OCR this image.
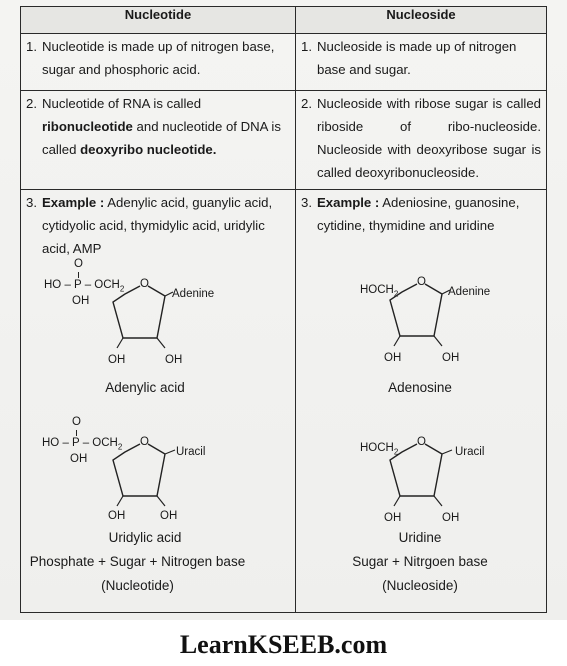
Nucleotide	Nucleoside

1. Nucleotide is made up of nitrogen base, sugar and phosphoric acid.	1. Nucleoside is made up of nitrogen base and sugar.

2. Nucleotide of RNA is called ribonucleotide and nucleotide of DNA is called deoxyribo nucleotide.	2. Nucleoside with ribose sugar is called riboside of ribo-nucleoside. Nucleoside with deoxyribose sugar is called deoxyribonucleoside.

3. Example : Adenylic acid, guanylic acid, cytidyolic acid, thymidylic acid, uridylic acid, AMP	3. Example : Adeniosine, guanosine, cytidine, thymidine and uridine
O
HO – P – $OCH_2$
OH
O
Adenine
OH	OH
Adenylic acid
$HOCH_2$
O
Adenine
OH	OH
Adenosine
O
HO – P – $OCH_2$
OH
O
Uracil
OH	OH
Uridylic acid
$HOCH_2$
O
Uracil
OH	OH
Uridine
Phosphate + Sugar + Nitrogen base
(Nucleotide)
Sugar + Nitrgoen base
(Nucleoside)
LearnKSEEB.com
